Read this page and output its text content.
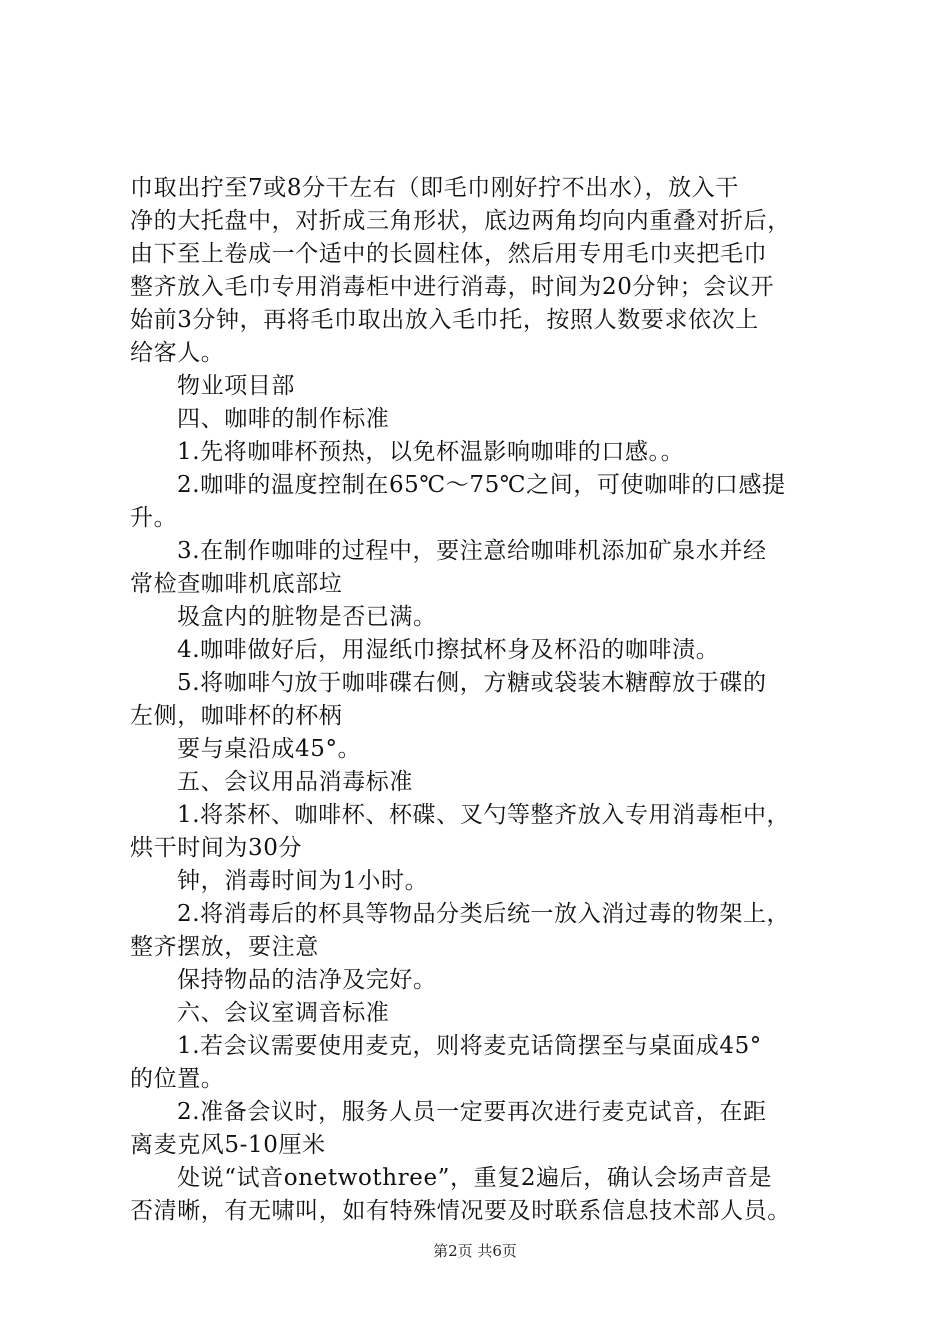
巾取出拧至7或8分干左右（即毛巾刚好拧不出水），放入干

净的大托盘中，对折成三角形状，底边两角均向内重叠对折后，

由下至上卷成一个适中的长圆柱体，然后用专用毛巾夹把毛巾

整齐放入毛巾专用消毒柜中进行消毒，时间为20分钟；会议开

始前3分钟，再将毛巾取出放入毛巾托，按照人数要求依次上

给客人。

物业项目部

四、咖啡的制作标准

1.先将咖啡杯预热，以免杯温影响咖啡的口感。。

2.咖啡的温度控制在65℃～75℃之间，可使咖啡的口感提

升。

3.在制作咖啡的过程中，要注意给咖啡机添加矿泉水并经

常检查咖啡机底部垃

圾盒内的脏物是否已满。

4.咖啡做好后，用湿纸巾擦拭杯身及杯沿的咖啡渍。

5.将咖啡勺放于咖啡碟右侧，方糖或袋装木糖醇放于碟的

左侧，咖啡杯的杯柄

要与桌沿成45°。

五、会议用品消毒标准

1.将茶杯、咖啡杯、杯碟、叉勺等整齐放入专用消毒柜中，

烘干时间为30分

钟，消毒时间为1小时。

2.将消毒后的杯具等物品分类后统一放入消过毒的物架上，

整齐摆放，要注意

保持物品的洁净及完好。

六、会议室调音标准

1.若会议需要使用麦克，则将麦克话筒摆至与桌面成45°

的位置。

2.准备会议时，服务人员一定要再次进行麦克试音，在距

离麦克风5-10厘米

处说“试音onetwothree”，重复2遍后，确认会场声音是

否清晰，有无啸叫，如有特殊情况要及时联系信息技术部人员。

第2页 共6页
